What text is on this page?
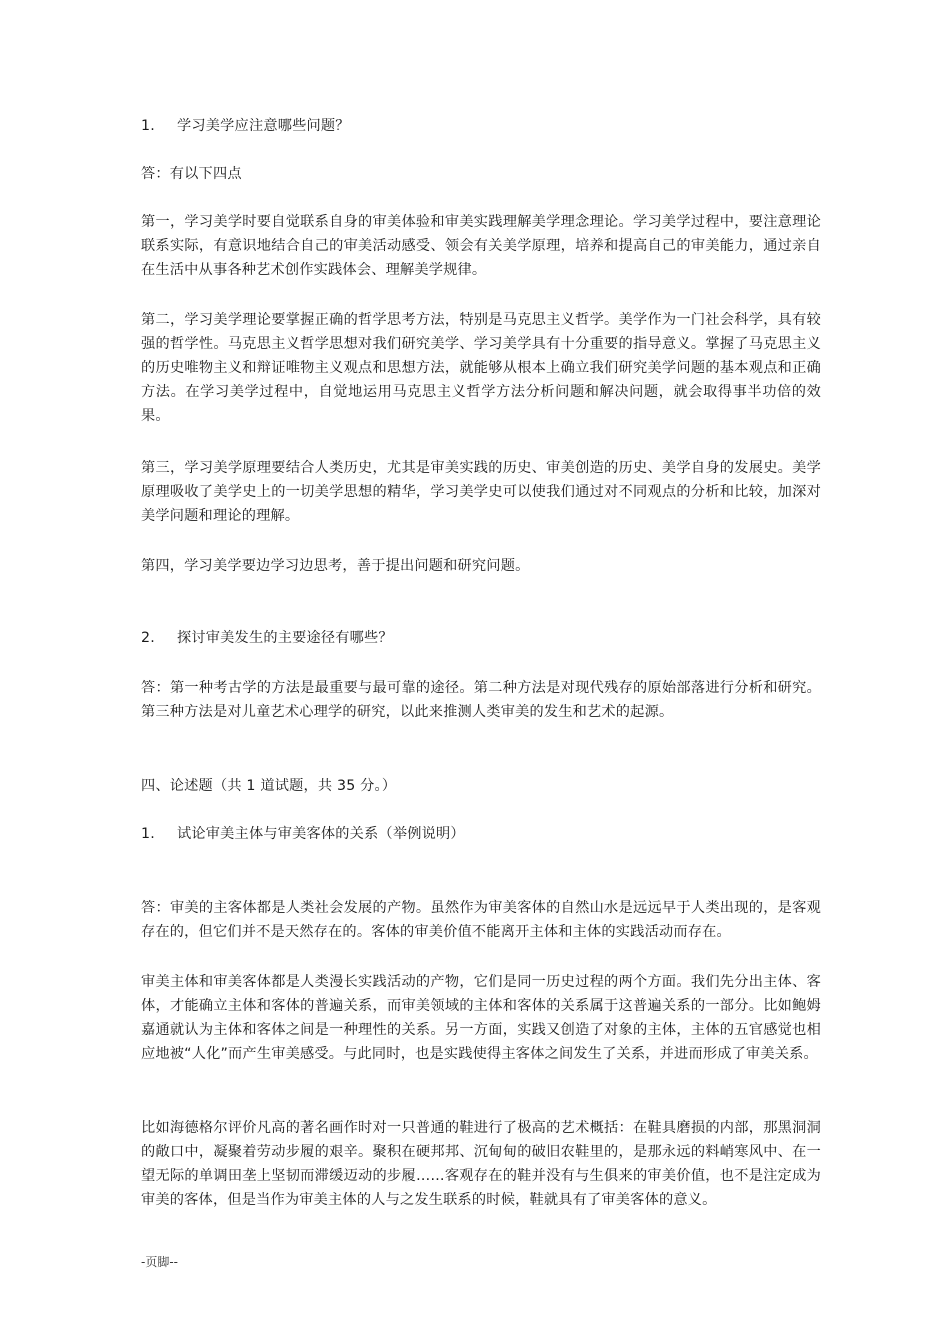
1. 学习美学应注意哪些问题？
答：有以下四点
第一，学习美学时要自觉联系自身的审美体验和审美实践理解美学理念理论。学习美学过程中，要注意理论联系实际，有意识地结合自己的审美活动感受、领会有关美学原理，培养和提高自己的审美能力，通过亲自在生活中从事各种艺术创作实践体会、理解美学规律。
第二，学习美学理论要掌握正确的哲学思考方法，特别是马克思主义哲学。美学作为一门社会科学，具有较强的哲学性。马克思主义哲学思想对我们研究美学、学习美学具有十分重要的指导意义。掌握了马克思主义的历史唯物主义和辩证唯物主义观点和思想方法，就能够从根本上确立我们研究美学问题的基本观点和正确方法。在学习美学过程中，自觉地运用马克思主义哲学方法分析问题和解决问题，就会取得事半功倍的效果。
第三，学习美学原理要结合人类历史，尤其是审美实践的历史、审美创造的历史、美学自身的发展史。美学原理吸收了美学史上的一切美学思想的精华，学习美学史可以使我们通过对不同观点的分析和比较，加深对美学问题和理论的理解。
第四，学习美学要边学习边思考，善于提出问题和研究问题。
2. 探讨审美发生的主要途径有哪些？
答：第一种考古学的方法是最重要与最可靠的途径。第二种方法是对现代残存的原始部落进行分析和研究。第三种方法是对儿童艺术心理学的研究，以此来推测人类审美的发生和艺术的起源。
四、论述题（共 1 道试题，共 35 分。）
1. 试论审美主体与审美客体的关系（举例说明）
答：审美的主客体都是人类社会发展的产物。虽然作为审美客体的自然山水是远远早于人类出现的，是客观存在的，但它们并不是天然存在的。客体的审美价值不能离开主体和主体的实践活动而存在。
审美主体和审美客体都是人类漫长实践活动的产物，它们是同一历史过程的两个方面。我们先分出主体、客体，才能确立主体和客体的普遍关系，而审美领域的主体和客体的关系属于这普遍关系的一部分。比如鲍姆嘉通就认为主体和客体之间是一种理性的关系。另一方面，实践又创造了对象的主体，主体的五官感觉也相应地被“人化”而产生审美感受。与此同时，也是实践使得主客体之间发生了关系，并进而形成了审美关系。
比如海德格尔评价凡高的著名画作时对一只普通的鞋进行了极高的艺术概括：在鞋具磨损的内部，那黑洞洞的敞口中，凝聚着劳动步履的艰辛。聚积在硬邦邦、沉甸甸的破旧农鞋里的，是那永远的料峭寒风中、在一望无际的单调田垄上坚韧而滞缓迈动的步履……客观存在的鞋并没有与生俱来的审美价值，也不是注定成为审美的客体，但是当作为审美主体的人与之发生联系的时候，鞋就具有了审美客体的意义。
-页脚--
